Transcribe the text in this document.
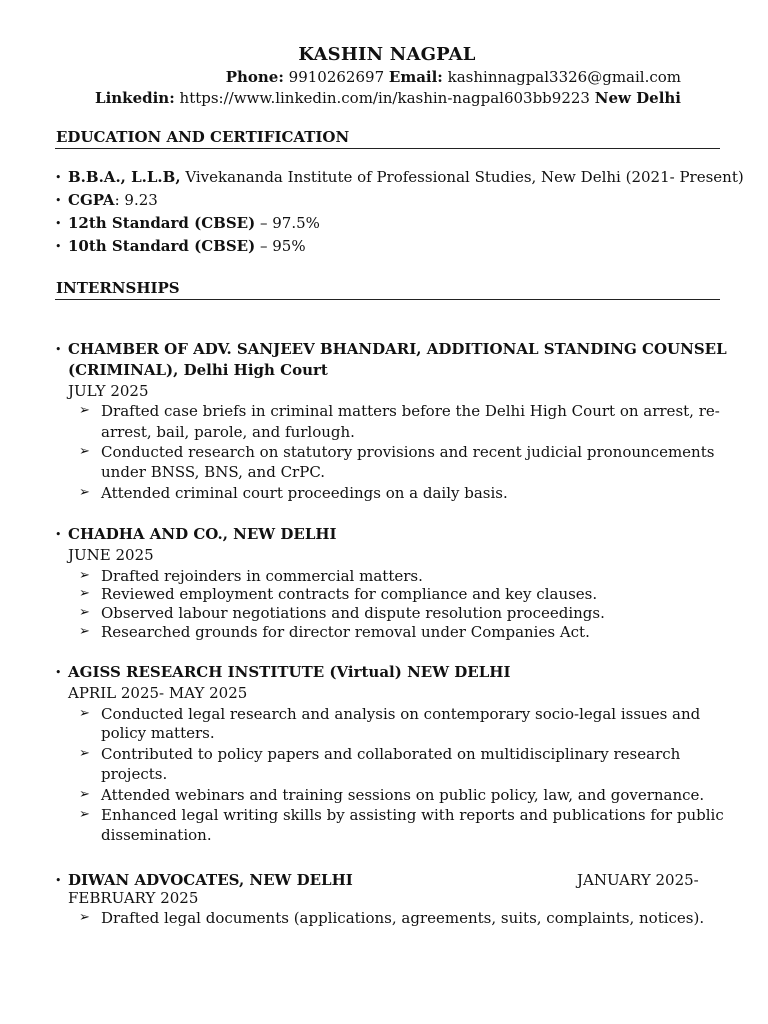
KASHIN NAGPAL
Phone: 9910262697 Email: kashinnagpal3326@gmail.com
Linkedin: https://www.linkedin.com/in/kashin-nagpal603bb9223 New Delhi
EDUCATION AND CERTIFICATION
• B.B.A., L.L.B, Vivekananda Institute of Professional Studies, New Delhi (2021- Present)
• CGPA: 9.23
• 12th Standard (CBSE) – 97.5%
• 10th Standard (CBSE) – 95%
INTERNSHIPS
• CHAMBER OF ADV. SANJEEV BHANDARI, ADDITIONAL STANDING COUNSEL
(CRIMINAL), Delhi High Court
JULY 2025
➢ Drafted case briefs in criminal matters before the Delhi High Court on arrest, re-
arrest, bail, parole, and furlough.
➢ Conducted research on statutory provisions and recent judicial pronouncements
under BNSS, BNS, and CrPC.
➢ Attended criminal court proceedings on a daily basis.
• CHADHA AND CO., NEW DELHI
JUNE 2025
➢ Drafted rejoinders in commercial matters.
➢ Reviewed employment contracts for compliance and key clauses.
➢ Observed labour negotiations and dispute resolution proceedings.
➢ Researched grounds for director removal under Companies Act.
• AGISS RESEARCH INSTITUTE (Virtual) NEW DELHI
APRIL 2025- MAY 2025
➢ Conducted legal research and analysis on contemporary socio-legal issues and
policy matters.
➢ Contributed to policy papers and collaborated on multidisciplinary research
projects.
➢ Attended webinars and training sessions on public policy, law, and governance.
➢ Enhanced legal writing skills by assisting with reports and publications for public
dissemination.
• DIWAN ADVOCATES, NEW DELHI	JANUARY 2025-
FEBRUARY 2025
➢ Drafted legal documents (applications, agreements, suits, complaints, notices).
